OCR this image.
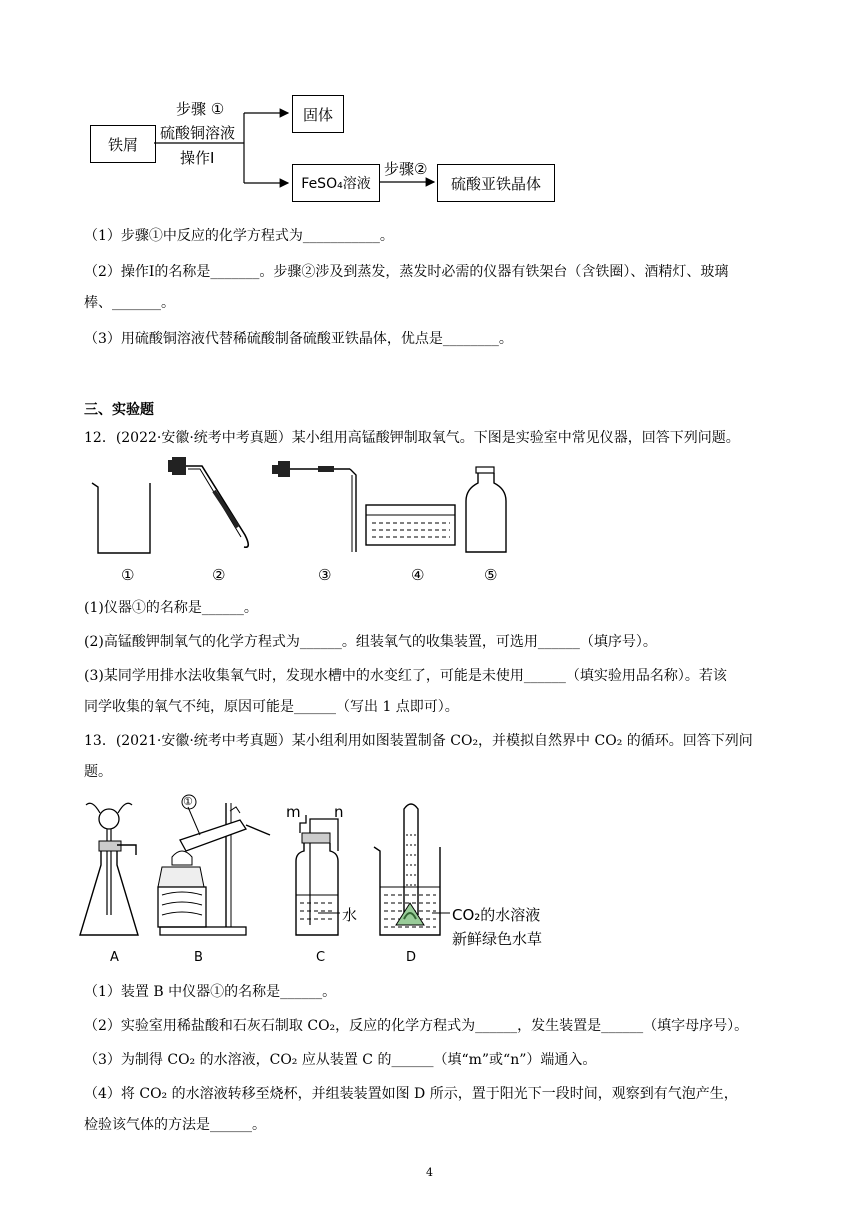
铁屑
步骤 ①
硫酸铜溶液
操作I
固体
FeSO₄溶液
步骤②
硫酸亚铁晶体
（1）步骤①中反应的化学方程式为___________。
（2）操作I的名称是_______。步骤②涉及到蒸发，蒸发时必需的仪器有铁架台（含铁圈）、酒精灯、玻璃
棒、_______。
（3）用硫酸铜溶液代替稀硫酸制备硫酸亚铁晶体，优点是________。
三、实验题
12．(2022·安徽·统考中考真题）某小组用高锰酸钾制取氧气。下图是实验室中常见仪器，回答下列问题。
①	②	③	④	⑤
(1)仪器①的名称是______。
(2)高锰酸钾制氧气的化学方程式为______。组装氧气的收集装置，可选用______（填序号）。
(3)某同学用排水法收集氧气时，发现水槽中的水变红了，可能是未使用______（填实验用品名称）。若该
同学收集的氧气不纯，原因可能是______（写出 1 点即可）。
13．(2021·安徽·统考中考真题）某小组利用如图装置制备 CO₂，并模拟自然界中 CO₂ 的循环。回答下列问
题。
①
m n
水	CO₂的水溶液
新鲜绿色水草
A	B	C	D
（1）装置 B 中仪器①的名称是______。
（2）实验室用稀盐酸和石灰石制取 CO₂，反应的化学方程式为______，发生装置是______（填字母序号）。
（3）为制得 CO₂ 的水溶液，CO₂ 应从装置 C 的______（填“m”或“n”）端通入。
（4）将 CO₂ 的水溶液转移至烧杯，并组装装置如图 D 所示，置于阳光下一段时间，观察到有气泡产生，
检验该气体的方法是______。
4
